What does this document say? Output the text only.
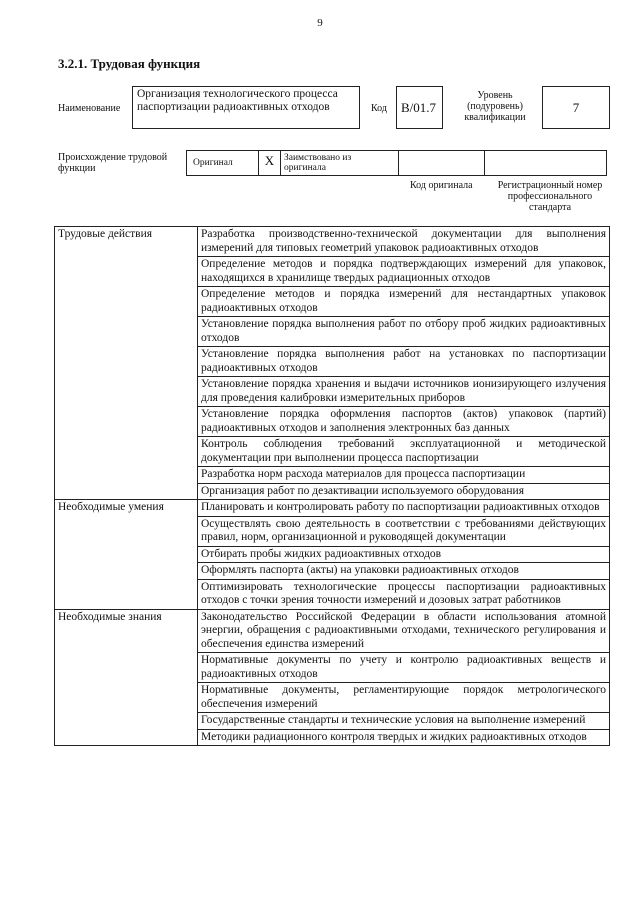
9
3.2.1. Трудовая функция
Наименование
Организация технологического процесса паспортизации радиоактивных отходов	Код	B/01.7
Уровень (подуровень) квалификации
7
Происхождение трудовой функции	Оригинал	X	Заимствовано из оригинала		
Код оригинала	Регистрационный номер профессионального стандарта
Трудовые действия	Разработка производственно-технической документации для выполнения измерений для типовых геометрий упаковок радиоактивных отходов
	Определение методов и порядка подтверждающих измерений для упаковок, находящихся в хранилище твердых радиационных отходов
	Определение методов и порядка измерений для нестандартных упаковок радиоактивных отходов
	Установление порядка выполнения работ по отбору проб жидких радиоактивных отходов
	Установление порядка выполнения работ на установках по паспортизации радиоактивных отходов
	Установление порядка хранения и выдачи источников ионизирующего излучения для проведения калибровки измерительных приборов
	Установление порядка оформления паспортов (актов) упаковок (партий) радиоактивных отходов и заполнения электронных баз данных
	Контроль соблюдения требований эксплуатационной и методической документации при выполнении процесса паспортизации
	Разработка норм расхода материалов для процесса паспортизации
	Организация работ по дезактивации используемого оборудования
Необходимые умения	Планировать и контролировать работу по паспортизации радиоактивных отходов
	Осуществлять свою деятельность в соответствии с требованиями действующих правил, норм, организационной и руководящей документации
	Отбирать пробы жидких радиоактивных отходов
	Оформлять паспорта (акты) на упаковки радиоактивных отходов
	Оптимизировать технологические процессы паспортизации радиоактивных отходов с точки зрения точности измерений и дозовых затрат работников
Необходимые знания	Законодательство Российской Федерации в области использования атомной энергии, обращения с радиоактивными отходами, технического регулирования и обеспечения единства измерений
	Нормативные документы по учету и контролю радиоактивных веществ и радиоактивных отходов
	Нормативные документы, регламентирующие порядок метрологического обеспечения измерений
	Государственные стандарты и технические условия на выполнение измерений
	Методики радиационного контроля твердых и жидких радиоактивных отходов
